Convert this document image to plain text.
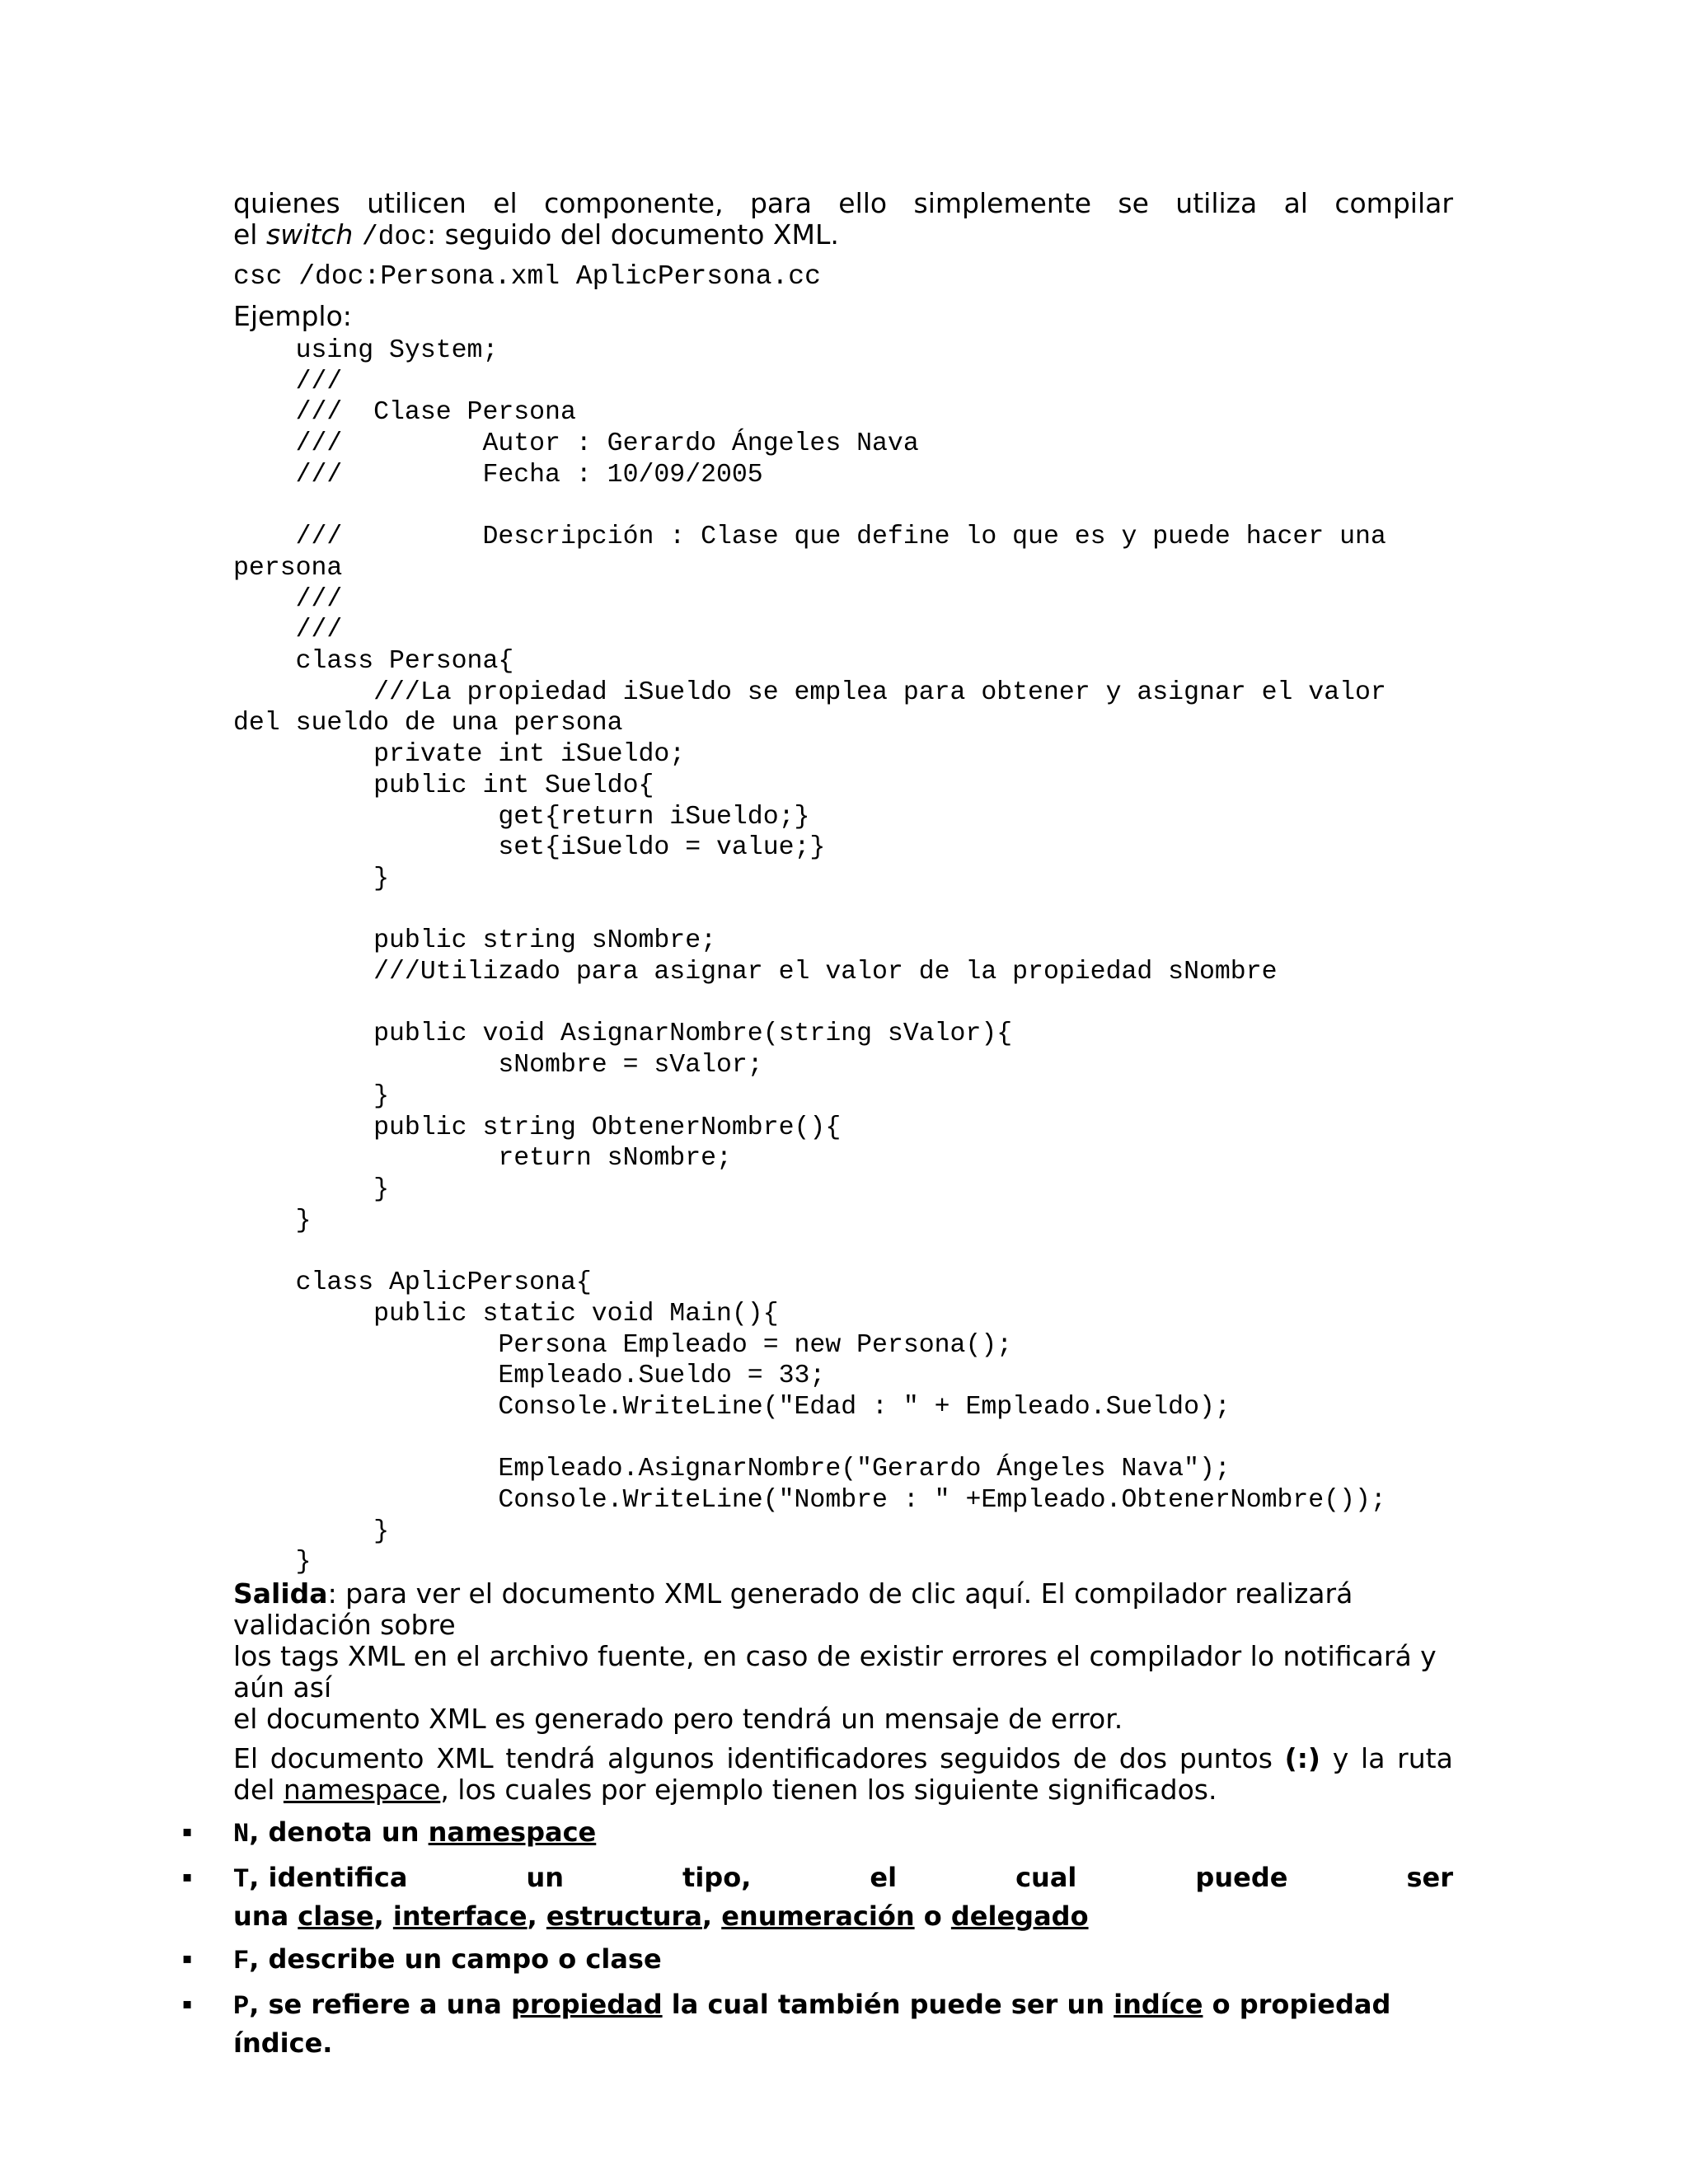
quienes utilicen el componente, para ello simplemente se utiliza al compilar

el switch /doc: seguido del documento XML.

csc /doc:Persona.xml AplicPersona.cc

Ejemplo:

using System;
///
///  Clase Persona
///         Autor : Gerardo Ángeles Nava
///         Fecha : 10/09/2005

///         Descripción : Clase que define lo que es y puede hacer una
persona
///
///
class Persona{
///La propiedad iSueldo se emplea para obtener y asignar el valor
del sueldo de una persona
private int iSueldo;
public int Sueldo{
get{return iSueldo;}
set{iSueldo = value;}
}

public string sNombre;
///Utilizado para asignar el valor de la propiedad sNombre

public void AsignarNombre(string sValor){
sNombre = sValor;
}
public string ObtenerNombre(){
return sNombre;
}
}

class AplicPersona{
public static void Main(){
Persona Empleado = new Persona();
Empleado.Sueldo = 33;
Console.WriteLine("Edad : " + Empleado.Sueldo);

Empleado.AsignarNombre("Gerardo Ángeles Nava");
Console.WriteLine("Nombre : " +Empleado.ObtenerNombre());
}
}

Salida: para ver el documento XML generado de clic aquí. El compilador realizará validación sobre

los tags XML en el archivo fuente, en caso de existir errores el compilador lo notificará y aún así

el documento XML es generado pero tendrá un mensaje de error.

El documento XML tendrá algunos identificadores seguidos de dos puntos (:) y la ruta

del namespace, los cuales por ejemplo tienen los siguiente significados.

▪ N, denota un namespace
▪ T, identifica	un	tipo,	el	cual	puede	ser
una clase, interface, estructura, enumeración o delegado
▪ F, describe un campo o clase
▪ P, se refiere a una propiedad la cual también puede ser un indíce o propiedad índice.
